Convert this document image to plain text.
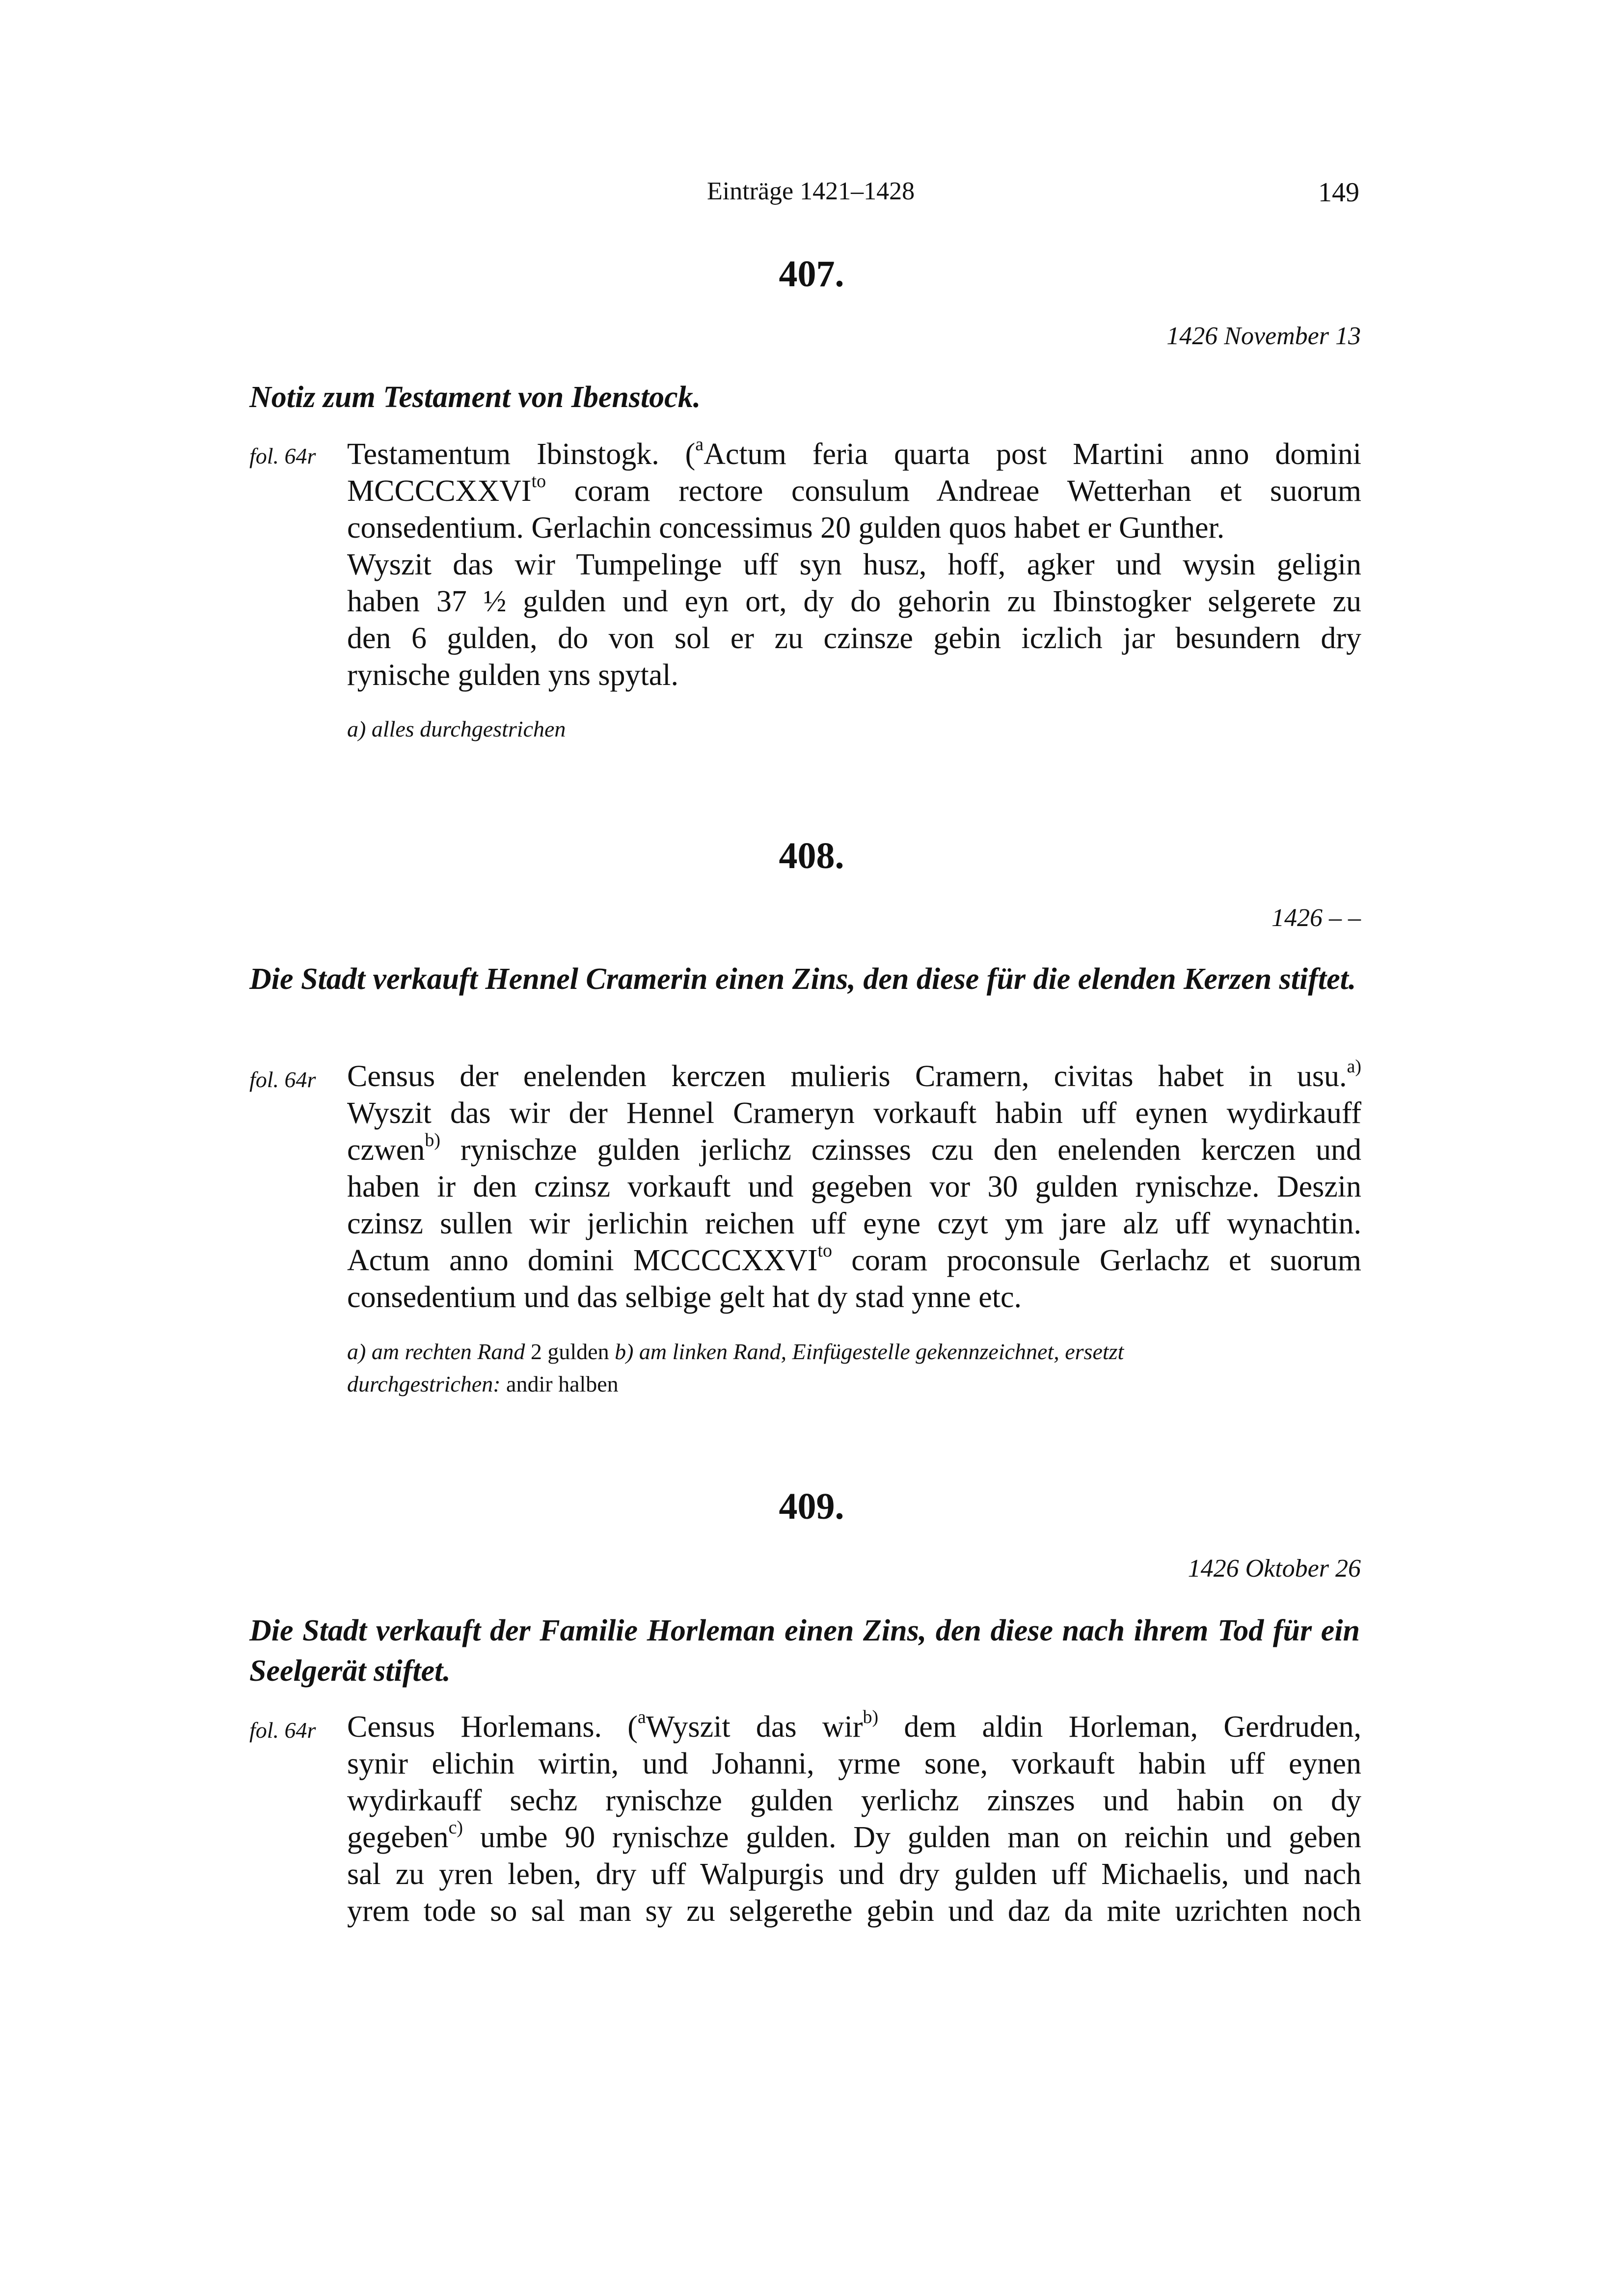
Einträge 1421–1428	149
407.
1426 November 13
Notiz zum Testament von Ibenstock.
fol. 64r Testamentum Ibinstogk. ($^a$Actum feria quarta post Martini anno domini
$MCCCCXXVI^{to}$ coram rectore consulum Andreae Wetterhan et suorum
consedentium. Gerlachin concessimus 20 gulden quos habet er Gunther.
Wyszit das wir Tumpelinge uff syn husz, hoff, agker und wysin geligin
haben 37 ½ gulden und eyn ort, dy do gehorin zu Ibinstogker selgerete zu
den 6 gulden, do von sol er zu czinsze gebin iczlich jar besundern dry
rynische gulden yns spytal.
a) alles durchgestrichen
408.
1426 – –
Die Stadt verkauft Hennel Cramerin einen Zins, den diese für die elenden Kerzen stiftet.
fol. 64r Census der enelenden kerczen mulieris Cramern, civitas habet in usu.$^{a)}$
Wyszit das wir der Hennel Crameryn vorkauft habin uff eynen wydirkauff
czwen$^{b)}$ rynischze gulden jerlichz czinsses czu den enelenden kerczen und
haben ir den czinsz vorkauft und gegeben vor 30 gulden rynischze. Deszin
czinsz sullen wir jerlichin reichen uff eyne czyt ym jare alz uff wynachtin.
Actum anno domini $MCCCCXXVI^{to}$ coram proconsule Gerlachz et suorum
consedentium und das selbige gelt hat dy stad ynne etc.
a) am rechten Rand 2 gulden b) am linken Rand, Einfügestelle gekennzeichnet, ersetzt
durchgestrichen: andir halben
409.
1426 Oktober 26
Die Stadt verkauft der Familie Horleman einen Zins, den diese nach ihrem Tod für ein Seelgerät stiftet.
fol. 64r Census Horlemans. ($^a$Wyszit das wir$^{b)}$ dem aldin Horleman, Gerdruden,
synir elichin wirtin, und Johanni, yrme sone, vorkauft habin uff eynen
wydirkauff sechz rynischze gulden yerlichz zinszes und habin on dy
gegeben$^{c)}$ umbe 90 rynischze gulden. Dy gulden man on reichin und geben
sal zu yren leben, dry uff Walpurgis und dry gulden uff Michaelis, und nach
yrem tode so sal man sy zu selgerethe gebin und daz da mite uzrichten noch
